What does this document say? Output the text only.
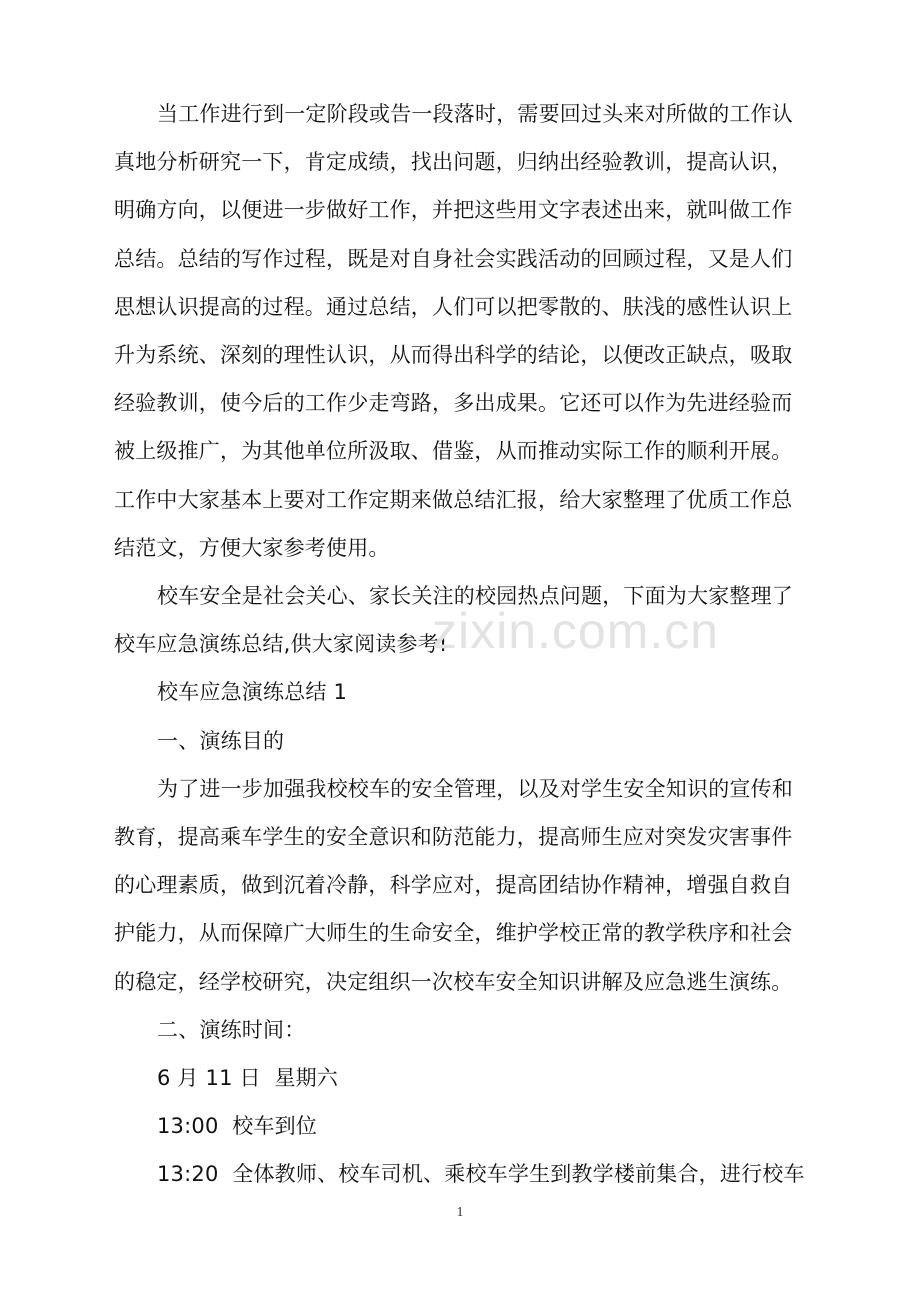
当工作进行到一定阶段或告一段落时，需要回过头来对所做的工作认
真地分析研究一下，肯定成绩，找出问题，归纳出经验教训，提高认识，
明确方向，以便进一步做好工作，并把这些用文字表述出来，就叫做工作
总结。总结的写作过程，既是对自身社会实践活动的回顾过程，又是人们
思想认识提高的过程。通过总结，人们可以把零散的、肤浅的感性认识上
升为系统、深刻的理性认识，从而得出科学的结论，以便改正缺点，吸取
经验教训，使今后的工作少走弯路，多出成果。它还可以作为先进经验而
被上级推广，为其他单位所汲取、借鉴，从而推动实际工作的顺利开展。
工作中大家基本上要对工作定期来做总结汇报，给大家整理了优质工作总
结范文，方便大家参考使用。

校车安全是社会关心、家长关注的校园热点问题，下面为大家整理了
校车应急演练总结,供大家阅读参考!

校车应急演练总结 1

一、演练目的

为了进一步加强我校校车的安全管理，以及对学生安全知识的宣传和
教育，提高乘车学生的安全意识和防范能力，提高师生应对突发灾害事件
的心理素质，做到沉着冷静，科学应对，提高团结协作精神，增强自救自
护能力，从而保障广大师生的生命安全，维护学校正常的教学秩序和社会
的稳定，经学校研究，决定组织一次校车安全知识讲解及应急逃生演练。

二、演练时间：

6 月 11 日  星期六

13:00  校车到位

13:20  全体教师、校车司机、乘校车学生到教学楼前集合，进行校车

zixin.com.cn
1
